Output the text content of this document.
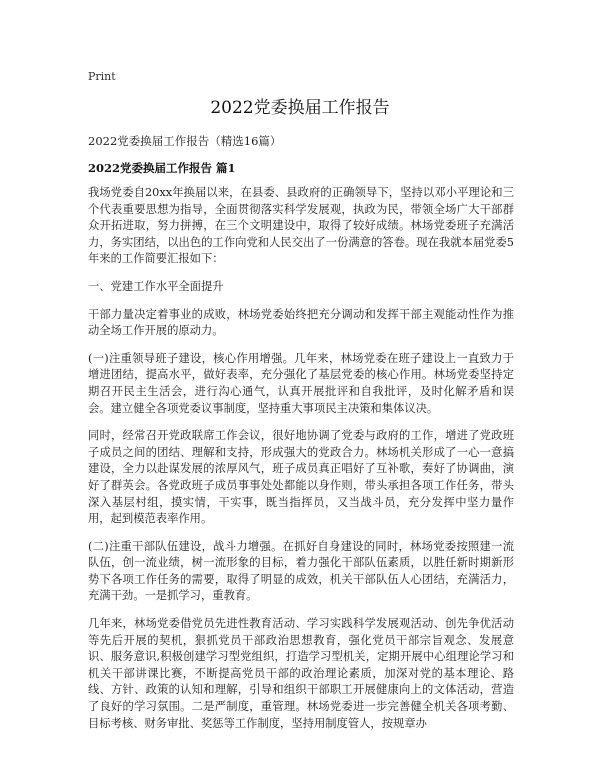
Print
2022党委换届工作报告
2022党委换届工作报告（精选16篇）
2022党委换届工作报告 篇1

我场党委自20xx年换届以来，在县委、县政府的正确领导下，坚持以邓小平理论和三个代表重要思想为指导，全面贯彻落实科学发展观，执政为民，带领全场广大干部群众开拓进取，努力拼搏，在三个文明建设中，取得了较好成绩。林场党委班子充满活力，务实团结，以出色的工作向党和人民交出了一份满意的答卷。现在我就本届党委5年来的工作简要汇报如下：

一、党建工作水平全面提升

干部力量决定着事业的成败，林场党委始终把充分调动和发挥干部主观能动性作为推动全场工作开展的原动力。

(一)注重领导班子建设，核心作用增强。几年来，林场党委在班子建设上一直致力于增进团结，提高水平，做好表率，充分强化了基层党委的核心作用。林场党委坚持定期召开民主生活会，进行沟心通气，认真开展批评和自我批评，及时化解矛盾和误会。建立健全各项党委议事制度，坚持重大事项民主决策和集体议决。

同时，经常召开党政联席工作会议，很好地协调了党委与政府的工作，增进了党政班子成员之间的团结、理解和支持，形成强大的党政合力。林场机关形成了一心一意搞建设，全力以赴谋发展的浓厚风气，班子成员真正唱好了互补歌，奏好了协调曲，演好了群英会。各党政班子成员事事处处都能以身作则，带头承担各项工作任务，带头深入基层村组，摸实情，干实事，既当指挥员，又当战斗员，充分发挥中坚力量作用，起到模范表率作用。

(二)注重干部队伍建设，战斗力增强。在抓好自身建设的同时，林场党委按照建一流队伍，创一流业绩，树一流形象的目标，着力强化干部队伍素质，以胜任新时期新形势下各项工作任务的需要，取得了明显的成效，机关干部队伍人心团结，充满活力，充满干劲。一是抓学习，重教育。

几年来，林场党委借党员先进性教育活动、学习实践科学发展观活动、创先争优活动等先后开展的契机，狠抓党员干部政治思想教育，强化党员干部宗旨观念、发展意识、服务意识,积极创建学习型党组织，打造学习型机关，定期开展中心组理论学习和机关干部讲课比赛，不断提高党员干部的政治理论素质，加深对党的基本理论、路线、方针、政策的认知和理解，引导和组织干部职工开展健康向上的文体活动，营造了良好的学习氛围。二是严制度，重管理。林场党委进一步完善健全机关各项考勤、目标考核、财务审批、奖惩等工作制度，坚持用制度管人，按规章办
